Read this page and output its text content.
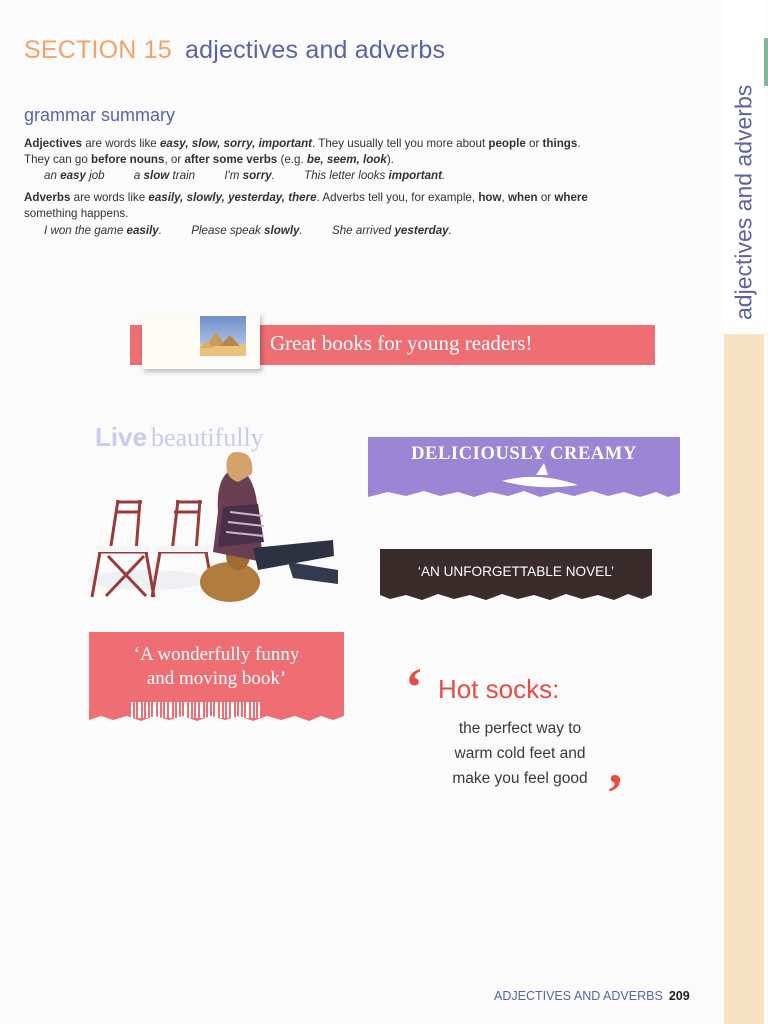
adjectives and adverbs
SECTION 15 adjectives and adverbs
grammar summary
Adjectives are words like easy, slow, sorry, important. They usually tell you more about people or things.
They can go before nouns, or after some verbs (e.g. be, seem, look).
an easy job	a slow train	I'm sorry.	This letter looks important.
Adverbs are words like easily, slowly, yesterday, there. Adverbs tell you, for example, how, when or where
something happens.
I won the game easily.	Please speak slowly.	She arrived yesterday.
Great books for young readers!
Live beautifully
DELICIOUSLY CREAMY
‘AN UNFORGETTABLE NOVEL’
‘A wonderfully funny
and moving book’	‘ Hot socks:
the perfect way to
warm cold feet and
make you feel good ’
ADJECTIVES AND ADVERBS 209
